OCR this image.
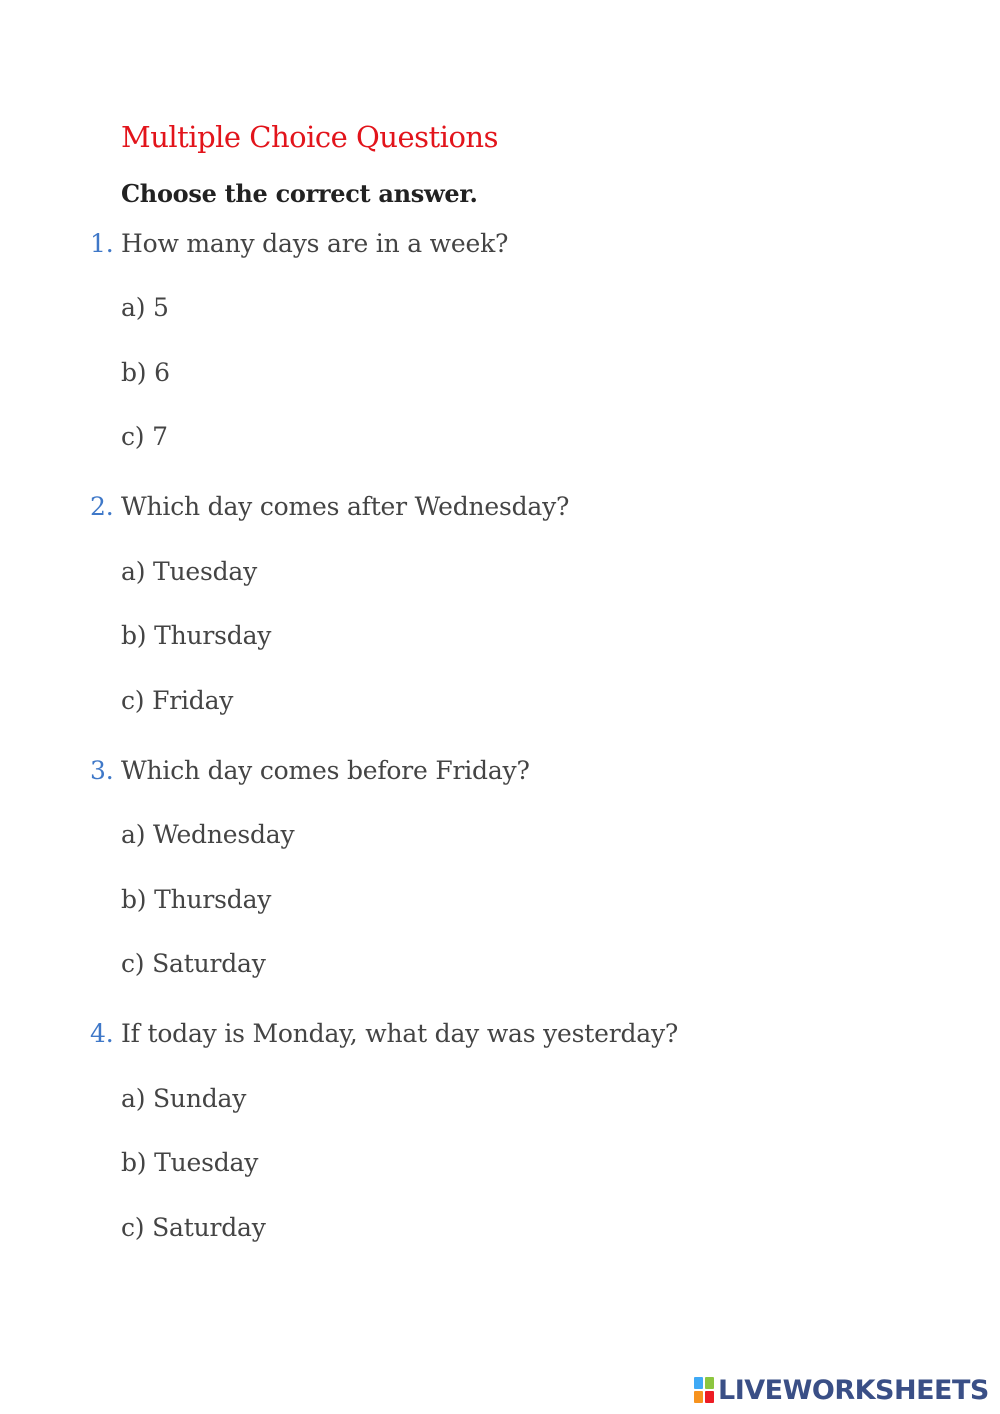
Multiple Choice Questions
Choose the correct answer.
1. How many days are in a week?
a) 5
b) 6
c) 7
2. Which day comes after Wednesday?
a) Tuesday
b) Thursday
c) Friday
3. Which day comes before Friday?
a) Wednesday
b) Thursday
c) Saturday
4. If today is Monday, what day was yesterday?
a) Sunday
b) Tuesday
c) Saturday
LIVEWORKSHEETS
